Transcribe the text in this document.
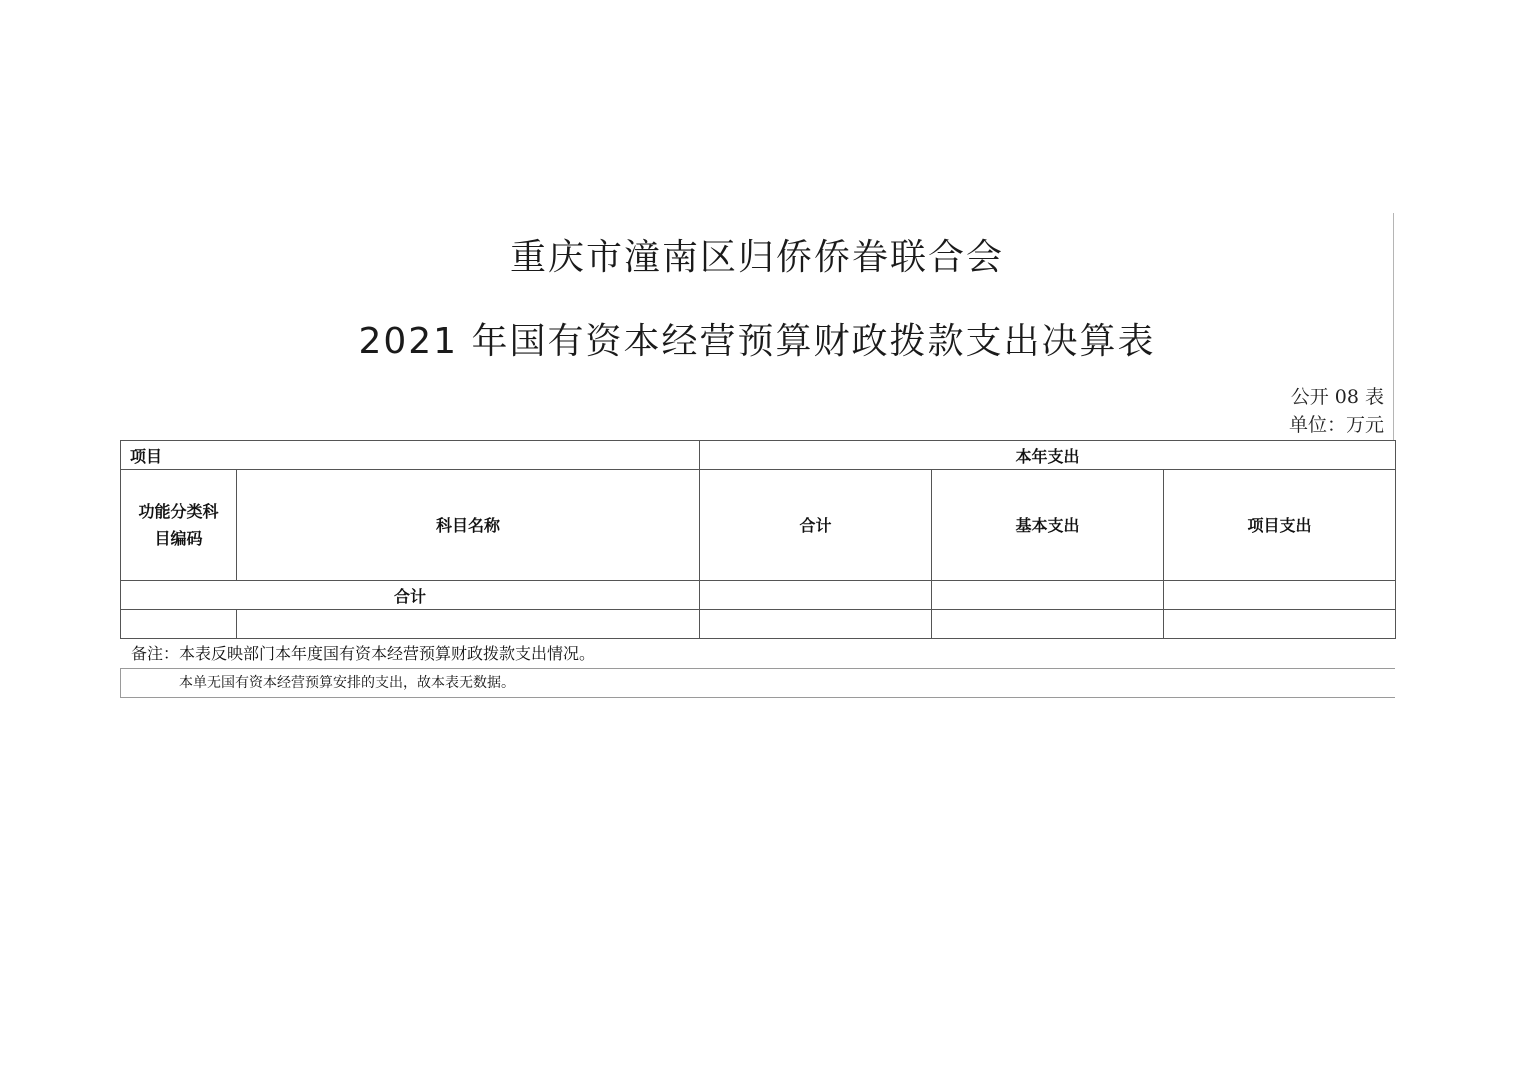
重庆市潼南区归侨侨眷联合会
2021 年国有资本经营预算财政拨款支出决算表
公开 08 表
单位：万元
项目		本年支出		
功能分类科
目编码	科目名称	合计	基本支出	项目支出
合计				

备注：本表反映部门本年度国有资本经营预算财政拨款支出情况。
本单无国有资本经营预算安排的支出，故本表无数据。
